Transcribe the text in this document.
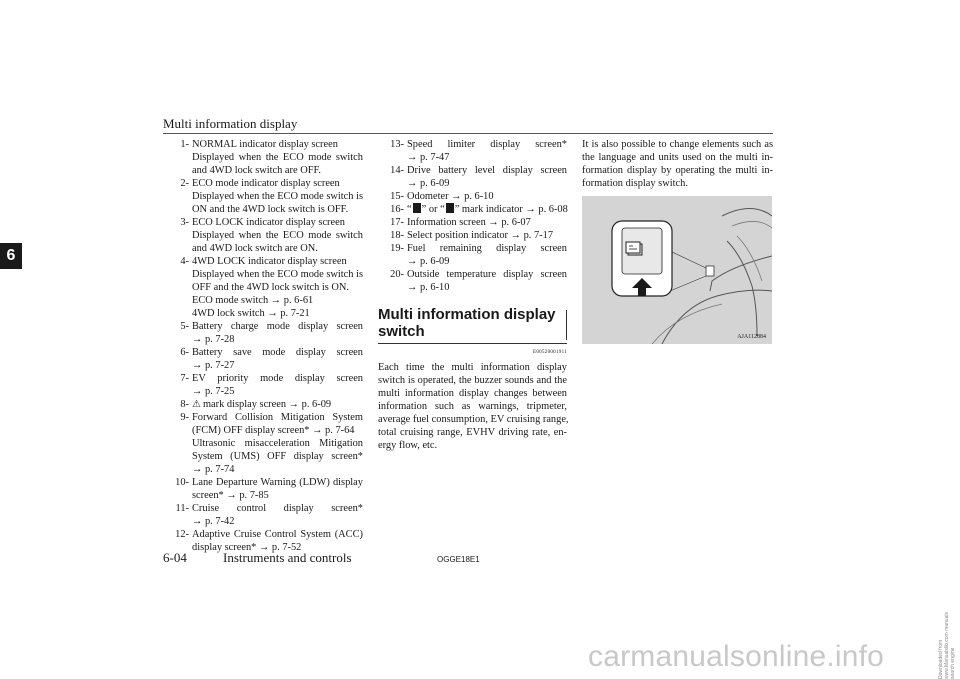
Multi information display
6
1- NORMAL indicator display screen
Displayed when the ECO mode switch
and 4WD lock switch are OFF.
2- ECO mode indicator display screen
Displayed when the ECO mode switch is
ON and the 4WD lock switch is OFF.
3- ECO LOCK indicator display screen
Displayed when the ECO mode switch
and 4WD lock switch are ON.
4- 4WD LOCK indicator display screen
Displayed when the ECO mode switch is
OFF and the 4WD lock switch is ON.
ECO mode switch → p. 6-61
4WD lock switch → p. 7-21
5- Battery charge mode display screen
→ p. 7-28
6- Battery save mode display screen
→ p. 7-27
7- EV priority mode display screen
→ p. 7-25
8- ⚠ mark display screen → p. 6-09
9- Forward Collision Mitigation System
(FCM) OFF display screen* → p. 7-64
Ultrasonic misacceleration Mitigation
System (UMS) OFF display screen*
→ p. 7-74
10- Lane Departure Warning (LDW) display
screen* → p. 7-85
11- Cruise control display screen*
→ p. 7-42
12- Adaptive Cruise Control System (ACC)
display screen* → p. 7-52
13- Speed limiter display screen*
→ p. 7-47
14- Drive battery level display screen
→ p. 6-09
15- Odometer → p. 6-10
16- “ ” or “ ” mark indicator → p. 6-08
17- Information screen → p. 6-07
18- Select position indicator → p. 7-17
19- Fuel remaining display screen
→ p. 6-09
20- Outside temperature display screen
→ p. 6-10
Multi information display
switch
E00520001911
Each time the multi information display
switch is operated, the buzzer sounds and the
multi information display changes between
information such as warnings, tripmeter,
average fuel consumption, EV cruising range,
total cruising range, EVHV driving rate, en-
ergy flow, etc.
It is also possible to change elements such as
the language and units used on the multi in-
formation display by operating the multi in-
formation display switch.
AJA112884
6-04	Instruments and controls	OGGE18E1
carmanualsonline.info	Downloaded from www.Manualslib.com manuals search engine
